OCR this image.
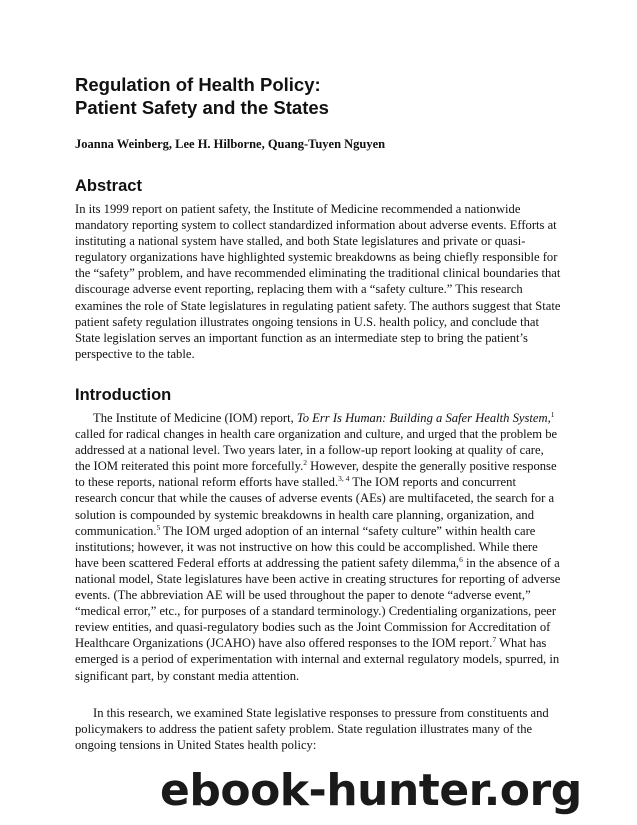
Regulation of Health Policy:
Patient Safety and the States
Joanna Weinberg, Lee H. Hilborne, Quang-Tuyen Nguyen
Abstract

In its 1999 report on patient safety, the Institute of Medicine recommended a nationwide mandatory reporting system to collect standardized information about adverse events. Efforts at instituting a national system have stalled, and both State legislatures and private or quasi-regulatory organizations have highlighted systemic breakdowns as being chiefly responsible for the “safety” problem, and have recommended eliminating the traditional clinical boundaries that discourage adverse event reporting, replacing them with a “safety culture.” This research examines the role of State legislatures in regulating patient safety. The authors suggest that State patient safety regulation illustrates ongoing tensions in U.S. health policy, and conclude that State legislation serves an important function as an intermediate step to bring the patient’s perspective to the table.

Introduction

The Institute of Medicine (IOM) report, To Err Is Human: Building a Safer Health System,$^1$ called for radical changes in health care organization and culture, and urged that the problem be addressed at a national level. Two years later, in a follow-up report looking at quality of care, the IOM reiterated this point more forcefully.$^2$ However, despite the generally positive response to these reports, national reform efforts have stalled.$^{3, 4}$ The IOM reports and concurrent research concur that while the causes of adverse events (AEs) are multifaceted, the search for a solution is compounded by systemic breakdowns in health care planning, organization, and communication.$^5$ The IOM urged adoption of an internal “safety culture” within health care institutions; however, it was not instructive on how this could be accomplished. While there have been scattered Federal efforts at addressing the patient safety dilemma,$^6$ in the absence of a national model, State legislatures have been active in creating structures for reporting of adverse events. (The abbreviation AE will be used throughout the paper to denote “adverse event,” “medical error,” etc., for purposes of a standard terminology.) Credentialing organizations, peer review entities, and quasi-regulatory bodies such as the Joint Commission for Accreditation of Healthcare Organizations (JCAHO) have also offered responses to the IOM report.$^7$ What has emerged is a period of experimentation with internal and external regulatory models, spurred, in significant part, by constant media attention.

In this research, we examined State legislative responses to pressure from constituents and policymakers to address the patient safety problem. State regulation illustrates many of the ongoing tensions in United States health policy:

ebook-hunter.org
